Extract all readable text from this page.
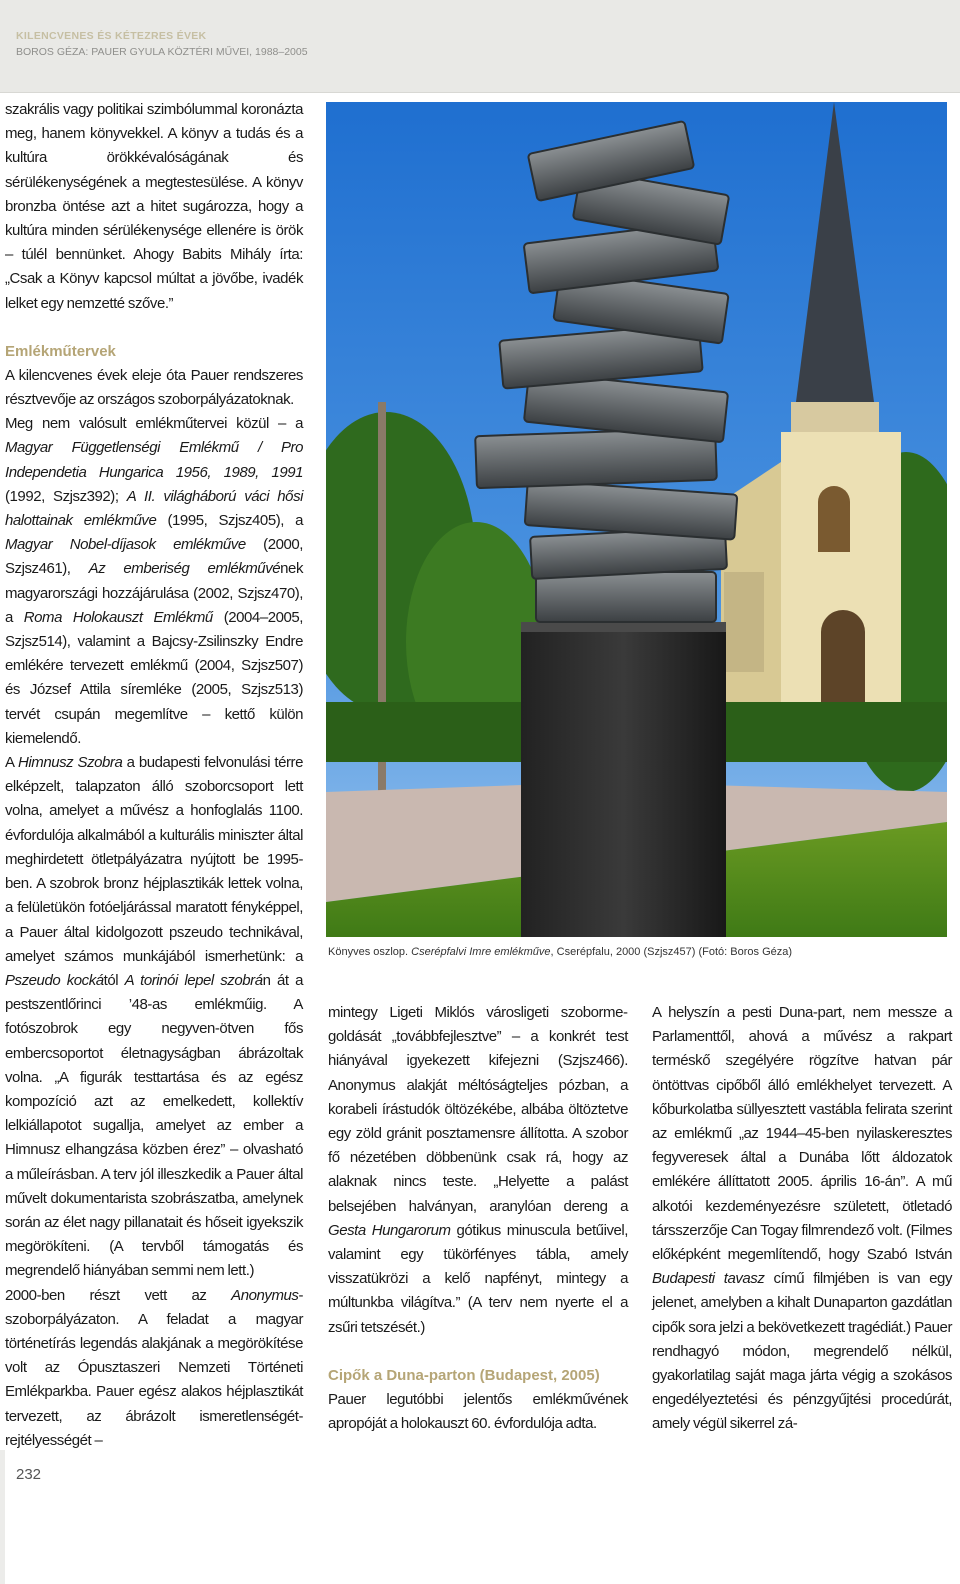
KILENCVENES ÉS KÉTEZRES ÉVEK
BOROS GÉZA: PAUER GYULA KÖZTÉRI MŰVEI, 1988–2005

szakrális vagy politikai szimbólummal koronázta meg, hanem könyvekkel. A könyv a tudás és a kultúra örökkévalóságának és sérülékenységének a megtestesülése. A könyv bronzba öntése azt a hitet sugározza, hogy a kultúra minden sérülékenysége ellenére is örök – túlél bennünket. Ahogy Babits Mihály írta: „Csak a Könyv kapcsol múltat a jövőbe, ivadék lelket egy nemzetté szőve.”

Emlékműtervek

A kilencvenes évek eleje óta Pauer rendszeres résztvevője az országos szoborpályázatoknak.

Meg nem valósult emlékműtervei közül – a Magyar Függetlenségi Emlékmű / Pro Independetia Hungarica 1956, 1989, 1991 (1992, Szjsz392); A II. világháború váci hősi halottainak emlékműve (1995, Szjsz405), a Magyar Nobel-díjasok emlékműve (2000, Szjsz461), Az emberiség emlékművének magyarországi hozzájárulása (2002, Szjsz470), a Roma Holokauszt Emlékmű (2004–2005, Szjsz514), valamint a Bajcsy-Zsilinszky Endre emlékére tervezett emlékmű (2004, Szjsz507) és József Attila síremléke (2005, Szjsz513) tervét csupán megemlítve – kettő külön kiemelendő.

A Himnusz Szobra a budapesti felvonulási térre elképzelt, talapzaton álló szoborcsoport lett volna, amelyet a művész a honfoglalás 1100. évfordulója alkalmából a kulturális miniszter által meghirdetett ötletpályázatra nyújtott be 1995-ben. A szobrok bronz héjplasztikák lettek volna, a felületükön fotóeljárással maratott fényképpel, a Pauer által kidolgozott pszeudo technikával, amelyet számos munkájából ismerhetünk: a Pszeudo kockától A torinói lepel szobrán át a pestszentlőrinci ’48-as emlékműig. A fotószobrok egy negyven-ötven fős embercsoportot életnagyságban ábrázoltak volna. „A figurák testtartása és az egész kompozíció azt az emelkedett, kollektív lelkiállapotot sugallja, amelyet az ember a Himnusz elhangzása közben érez” – olvasható a műleírásban. A terv jól illeszkedik a Pauer által művelt dokumentarista szobrászatba, amelynek során az élet nagy pillanatait és hőseit igyekszik megörökíteni. (A tervből támogatás és megrendelő hiányában semmi nem lett.)

2000-ben részt vett az Anonymus-szoborpályázaton. A feladat a magyar történetírás legendás alakjának a megörökítése volt az Ópusztaszeri Nemzeti Történeti Emlékparkba. Pauer egész alakos héjplasztikát tervezett, az ábrázolt ismeretlenségét-rejtélyességét –

Könyves oszlop. Cserépfalvi Imre emlékműve, Cserépfalu, 2000 (Szjsz457) (Fotó: Boros Géza)

mintegy Ligeti Miklós városligeti szobormegoldását „továbbfejlesztve” – a konkrét test hiányával igyekezett kifejezni (Szjsz466). Anonymus alakját méltóságteljes pózban, a korabeli írástudók öltözékébe, albába öltöztetve egy zöld gránit posztamensre állította. A szobor fő nézetében döbbenünk csak rá, hogy az alaknak nincs teste. „Helyette a palást belsejében halványan, aranylóan dereng a Gesta Hungarorum gótikus minuscula betűivel, valamint egy tükörfényes tábla, amely visszatükrözi a kelő napfényt, mintegy a múltunkba világítva.” (A terv nem nyerte el a zsűri tetszését.)

Cipők a Duna-parton (Budapest, 2005)

Pauer legutóbbi jelentős emlékművének apropóját a holokauszt 60. évfordulója adta.

A helyszín a pesti Duna-part, nem messze a Parlamenttől, ahová a művész a rakpart terméskő szegélyére rögzítve hatvan pár öntöttvas cipőből álló emlékhelyet tervezett. A kőburkolatba süllyesztett vastábla felirata szerint az emlékmű „az 1944–45-ben nyilaskeresztes fegyveresek által a Dunába lőtt áldozatok emlékére állíttatott 2005. április 16-án”. A mű alkotói kezdeményezésre született, ötletadó társszerzője Can Togay filmrendező volt. (Filmes előképként megemlítendő, hogy Szabó István Budapesti tavasz című filmjében is van egy jelenet, amelyben a kihalt Dunaparton gazdátlan cipők sora jelzi a bekövetkezett tragédiát.) Pauer rendhagyó módon, megrendelő nélkül, gyakorlatilag saját maga járta végig a szokásos engedélyeztetési és pénzgyűjtési procedúrát, amely végül sikerrel zá-

232
